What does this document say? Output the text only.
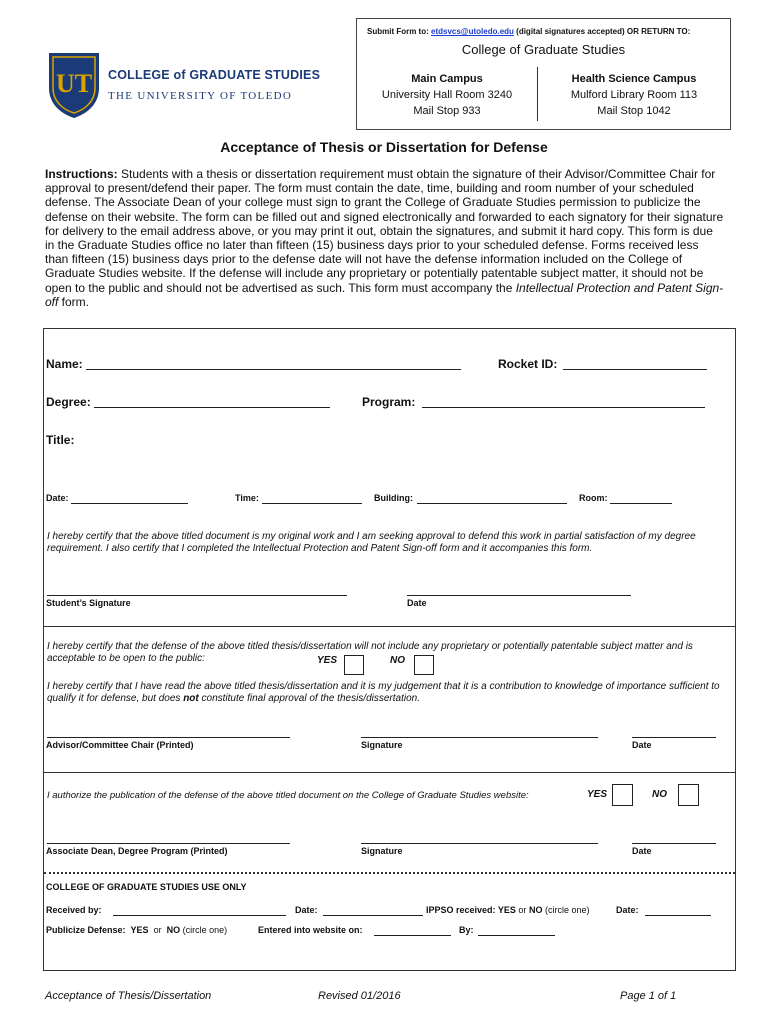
UT COLLEGE of GRADUATE STUDIES
THE UNIVERSITY OF TOLEDO
Submit Form to: etdsvcs@utoledo.edu (digital signatures accepted) OR RETURN TO:
College of Graduate Studies
Main Campus
University Hall Room 3240
Mail Stop 933
Health Science Campus
Mulford Library Room 113
Mail Stop 1042
Acceptance of Thesis or Dissertation for Defense
Instructions: Students with a thesis or dissertation requirement must obtain the signature of their Advisor/Committee Chair for approval to present/defend their paper. The form must contain the date, time, building and room number of your scheduled defense. The Associate Dean of your college must sign to grant the College of Graduate Studies permission to publicize the defense on their website. The form can be filled out and signed electronically and forwarded to each signatory for their signature for delivery to the email address above, or you may print it out, obtain the signatures, and submit it hard copy. This form is due in the Graduate Studies office no later than fifteen (15) business days prior to your scheduled defense. Forms received less than fifteen (15) business days prior to the defense date will not have the defense information included on the College of Graduate Studies website. If the defense will include any proprietary or potentially patentable subject matter, it should not be open to the public and should not be advertised as such. This form must accompany the Intellectual Protection and Patent Sign-off form.
Name:	Rocket ID:
Degree:	Program:
Title:
Date:	Time:	Building:	Room:
I hereby certify that the above titled document is my original work and I am seeking approval to defend this work in partial satisfaction of my degree requirement. I also certify that I completed the Intellectual Protection and Patent Sign-off form and it accompanies this form.
Student’s Signature	Date
I hereby certify that the defense of the above titled thesis/dissertation will not include any proprietary or potentially patentable subject matter and is acceptable to be open to the public:	YES	NO
I hereby certify that I have read the above titled thesis/dissertation and it is my judgement that it is a contribution to knowledge of importance sufficient to qualify it for defense, but does not constitute final approval of the thesis/dissertation.
Advisor/Committee Chair (Printed)	Signature	Date
I authorize the publication of the defense of the above titled document on the College of Graduate Studies website:	YES	NO
Associate Dean, Degree Program (Printed)	Signature	Date
COLLEGE OF GRADUATE STUDIES USE ONLY
Received by:	Date:	IPPSO received: YES or NO (circle one)	Date:
Publicize Defense: YES or NO (circle one)	Entered into website on:	By:
Acceptance of Thesis/Dissertation	Revised 01/2016	Page 1 of 1
